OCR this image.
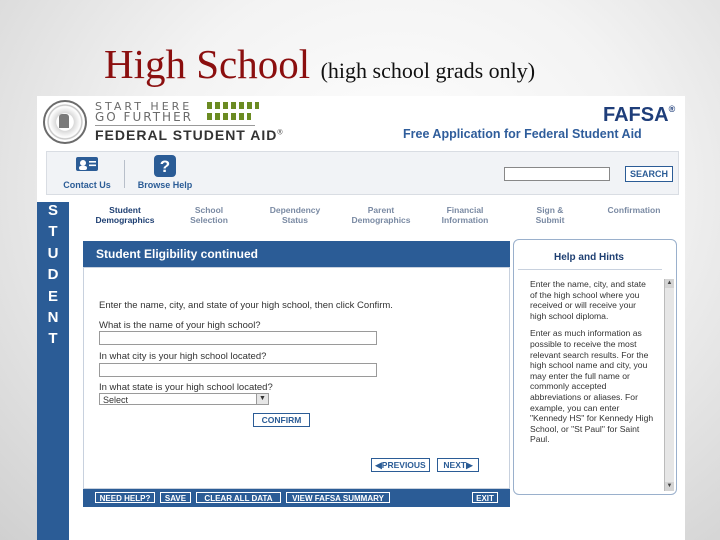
High School (high school grads only)
START HERE
GO FURTHER
FEDERAL STUDENT AID®
FAFSA®
Free Application for Federal Student Aid
Contact Us
?
Browse Help
SEARCH
S
T
U
D
E
N
T
Student
Demographics
School
Selection
Dependency
Status
Parent
Demographics
Financial
Information
Sign &
Submit
Confirmation
Student Eligibility continued
Enter the name, city, and state of your high school, then click Confirm.
What is the name of your high school?
In what city is your high school located?
In what state is your high school located?
Select	▼
CONFIRM
◀PREVIOUS	NEXT▶
NEED HELP?	SAVE	CLEAR ALL DATA	VIEW FAFSA SUMMARY	EXIT
Help and Hints

Enter the name, city, and state of the high school where you received or will receive your high school diploma.

Enter as much information as possible to receive the most relevant search results. For the high school name and city, you may enter the full name or commonly accepted abbreviations or aliases. For example, you can enter "Kennedy HS" for Kennedy High School, or "St Paul" for Saint Paul.

▲
▼
